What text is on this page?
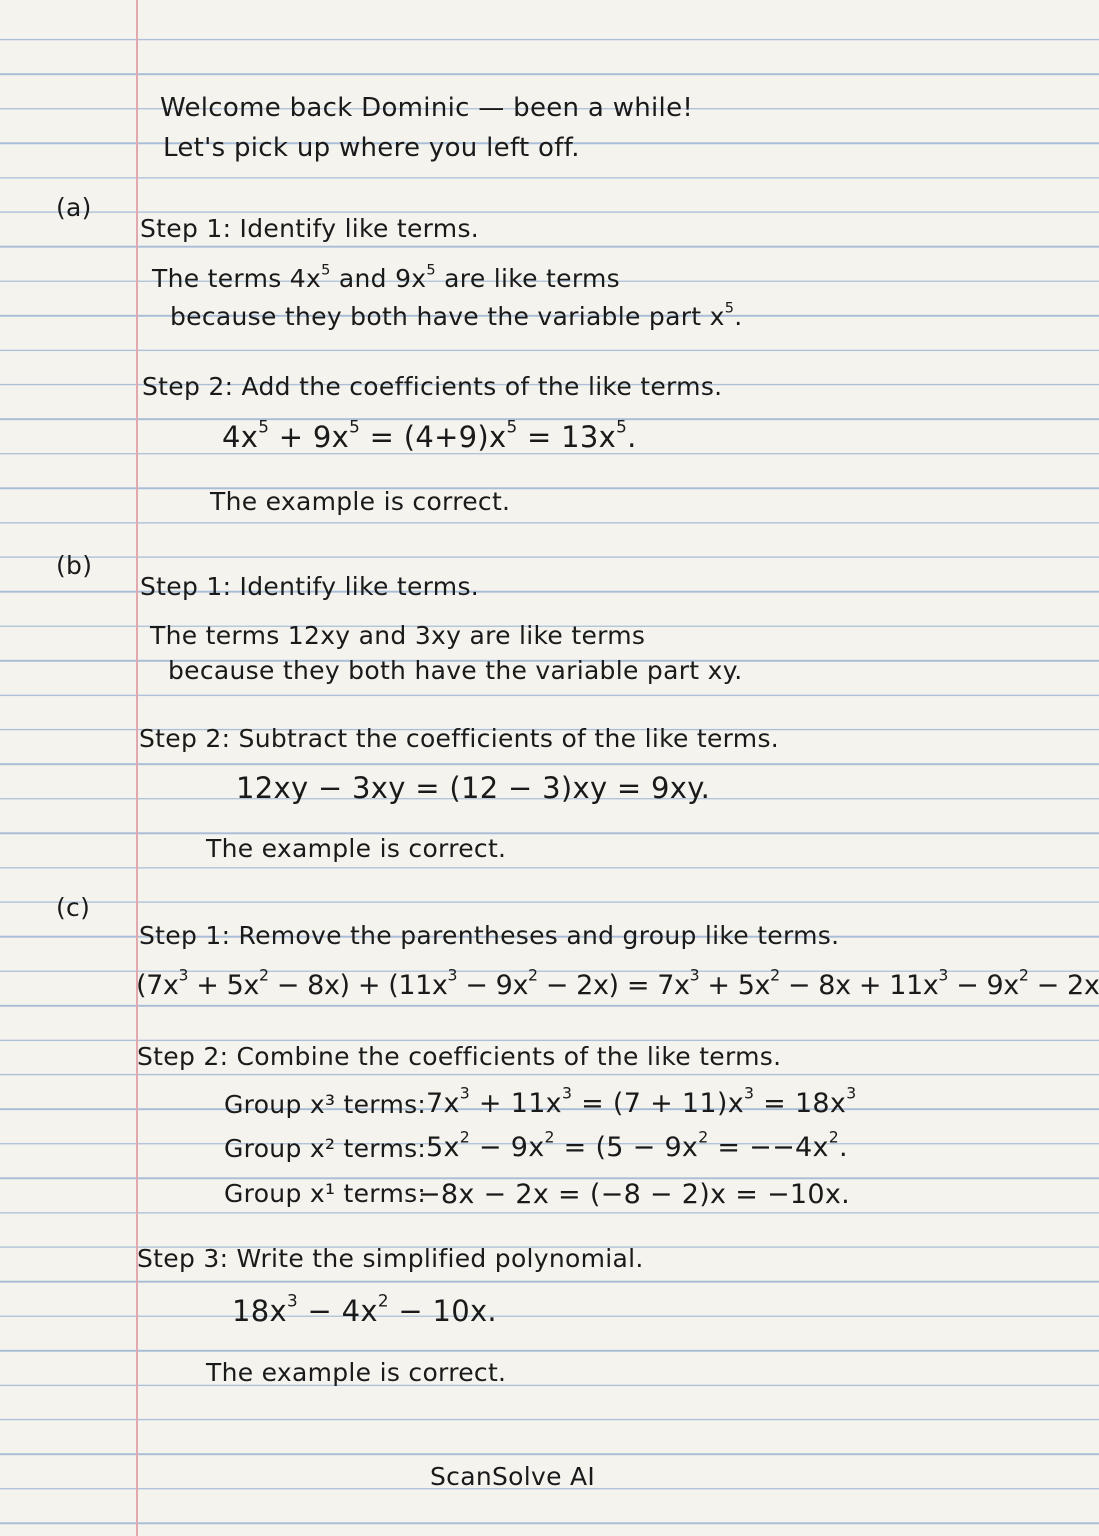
Welcome back Dominic — been a while!
Let's pick up where you left off.
(a)
Step 1: Identify like terms.
The terms $4x^5$ and $9x^5$ are like terms
because they both have the variable part $x^5$.
Step 2: Add the coefficients of the like terms.
$4x^5 + 9x^5 = (4+9)x^5 = 13x^5$.
The example is correct.
(b)
Step 1: Identify like terms.
The terms 12xy and 3xy are like terms
because they both have the variable part xy.
Step 2: Subtract the coefficients of the like terms.
12xy − 3xy = (12 − 3)xy = 9xy.
The example is correct.
(c)
Step 1: Remove the parentheses and group like terms.
$(7x^3 + 5x^2 - 8x) + (11x^3 - 9x^2 - 2x) = 7x^3 + 5x^2 - 8x + 11x^3 - 9x^2 - 2x$
Step 2: Combine the coefficients of the like terms.
Group x³ terms: $7x^3 + 11x^3 = (7 + 11)x^3 = 18x^3$
Group x² terms: $5x^2 - 9x^2 = (5 - 9x^2 = --4x^2$.
Group x¹ terms:
−8x − 2x = (−8 − 2)x = −10x.
Step 3: Write the simplified polynomial.
$18x^3 - 4x^2 - 10x$.
The example is correct.
ScanSolve AI
